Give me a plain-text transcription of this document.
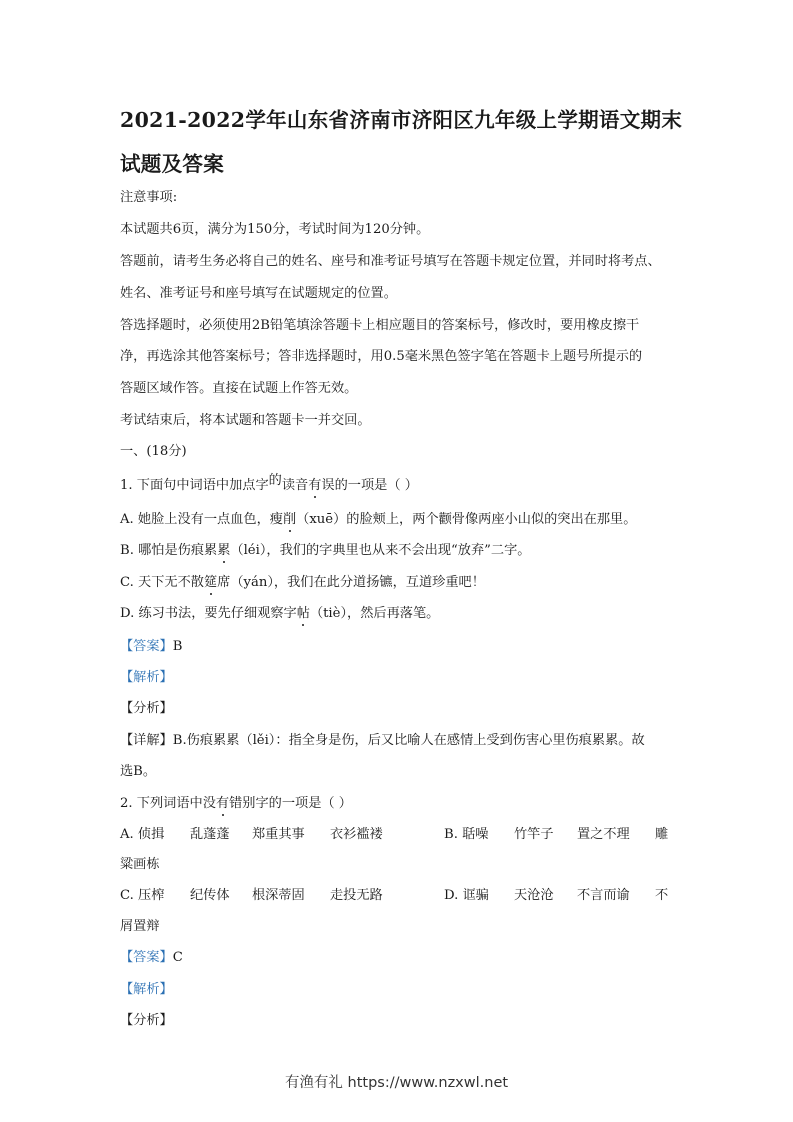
2021-2022学年山东省济南市济阳区九年级上学期语文期末
试题及答案
注意事项:
本试题共6页，满分为150分，考试时间为120分钟。
答题前，请考生务必将自己的姓名、座号和准考证号填写在答题卡规定位置，并同时将考点、
姓名、准考证号和座号填写在试题规定的位置。
答选择题时，必须使用2B铅笔填涂答题卡上相应题目的答案标号，修改时，要用橡皮擦干
净，再选涂其他答案标号；答非选择题时，用0.5毫米黑色签字笔在答题卡上题号所提示的
答题区域作答。直接在试题上作答无效。
考试结束后，将本试题和答题卡一并交回。
一、(18分)
1. 下面句中词语中加点字的读音有误的一项是（ ）
A. 她脸上没有一点血色，瘦削（xuē）的脸颊上，两个颧骨像两座小山似的突出在那里。
B. 哪怕是伤痕累累（léi），我们的字典里也从来不会出现“放弃”二字。
C. 天下无不散筵席（yán），我们在此分道扬镳，互道珍重吧！
D. 练习书法，要先仔细观察字帖（tiè），然后再落笔。
【答案】B
【解析】
【分析】
【详解】B.伤痕累累（lěi）：指全身是伤，后又比喻人在感情上受到伤害心里伤痕累累。故
选B。
2. 下列词语中没有错别字的一项是（ ）
A. 侦揖 乱蓬蓬 郑重其事 衣衫褴褛	B. 聒噪 竹竿子 置之不理 雕
粱画栋
C. 压榨 纪传体 根深蒂固 走投无路	D. 诓骗 天沧沧 不言而谕 不
屑置辩
【答案】C
【解析】
【分析】
有渔有礼 https://www.nzxwl.net
